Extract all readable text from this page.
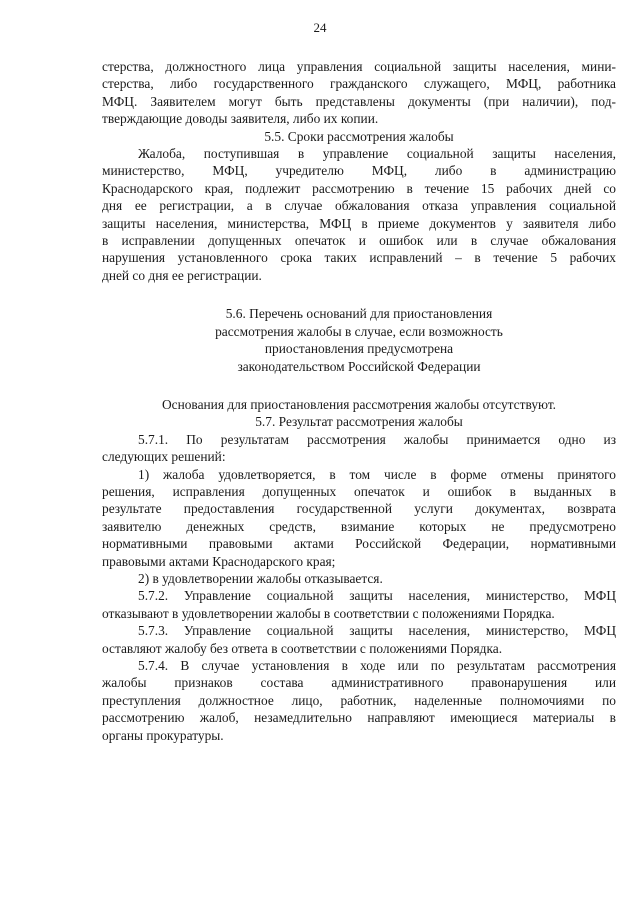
24

стерства, должностного лица управления социальной защиты населения, мини-

стерства, либо государственного гражданского служащего, МФЦ, работника

МФЦ. Заявителем могут быть представлены документы (при наличии), под-

тверждающие доводы заявителя, либо их копии.

5.5. Сроки рассмотрения жалобы

Жалоба, поступившая в управление социальной защиты населения,

министерство, МФЦ, учредителю МФЦ, либо в администрацию

Краснодарского края, подлежит рассмотрению в течение 15 рабочих дней со

дня ее регистрации, а в случае обжалования отказа управления социальной

защиты населения, министерства, МФЦ в приеме документов у заявителя либо

в исправлении допущенных опечаток и ошибок или в случае обжалования

нарушения установленного срока таких исправлений – в течение 5 рабочих

дней со дня ее регистрации.

5.6. Перечень оснований для приостановления

рассмотрения жалобы в случае, если возможность

приостановления предусмотрена

законодательством Российской Федерации

Основания для приостановления рассмотрения жалобы отсутствуют.

5.7. Результат рассмотрения жалобы

5.7.1. По результатам рассмотрения жалобы принимается одно из

следующих решений:

1) жалоба удовлетворяется, в том числе в форме отмены принятого

решения, исправления допущенных опечаток и ошибок в выданных в

результате предоставления государственной услуги документах, возврата

заявителю денежных средств, взимание которых не предусмотрено

нормативными правовыми актами Российской Федерации, нормативными

правовыми актами Краснодарского края;

2) в удовлетворении жалобы отказывается.

5.7.2. Управление социальной защиты населения, министерство, МФЦ

отказывают в удовлетворении жалобы в соответствии с положениями Порядка.

5.7.3. Управление социальной защиты населения, министерство, МФЦ

оставляют жалобу без ответа в соответствии с положениями Порядка.

5.7.4. В случае установления в ходе или по результатам рассмотрения

жалобы признаков состава административного правонарушения или

преступления должностное лицо, работник, наделенные полномочиями по

рассмотрению жалоб, незамедлительно направляют имеющиеся материалы в

органы прокуратуры.
